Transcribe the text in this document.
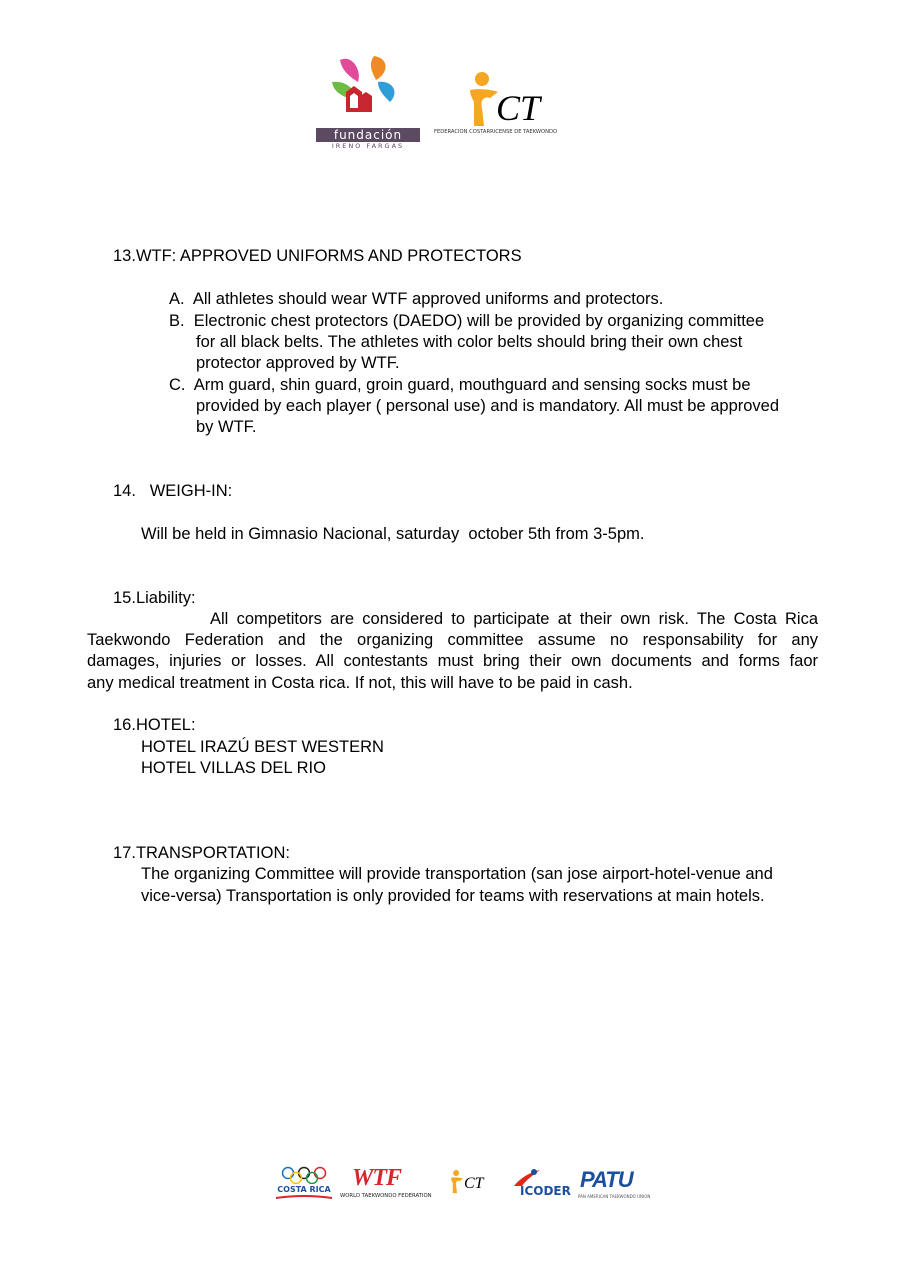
fundación
IRENO FARGAS
CT
FEDERACION COSTARRICENSE DE TAEKWONDO
13.WTF: APPROVED UNIFORMS AND PROTECTORS
A. All athletes should wear WTF approved uniforms and protectors.
B. Electronic chest protectors (DAEDO) will be provided by organizing committee
for all black belts. The athletes with color belts should bring their own chest
protector approved by WTF.
C. Arm guard, shin guard, groin guard, mouthguard and sensing socks must be
provided by each player ( personal use) and is mandatory. All must be approved
by WTF.
14. WEIGH-IN:
Will be held in Gimnasio Nacional, saturday  october 5th from 3-5pm.
15.Liability:
All competitors are considered to participate at their own risk. The Costa Rica
Taekwondo Federation and the organizing committee assume no responsability for any
damages, injuries or losses. All contestants must bring their own documents and forms faor
any medical treatment in Costa rica. If not, this will have to be paid in cash.
16.HOTEL:
HOTEL IRAZÚ BEST WESTERN
HOTEL VILLAS DEL RIO
17.TRANSPORTATION:
The organizing Committee will provide transportation (san jose airport-hotel-venue and
vice-versa) Transportation is only provided for teams with reservations at main hotels.
COSTA RICA WTF
WORLD TAEKWONDO FEDERATION
CT	ICODER PATU
PAN AMERICAN TAEKWONDO UNION
